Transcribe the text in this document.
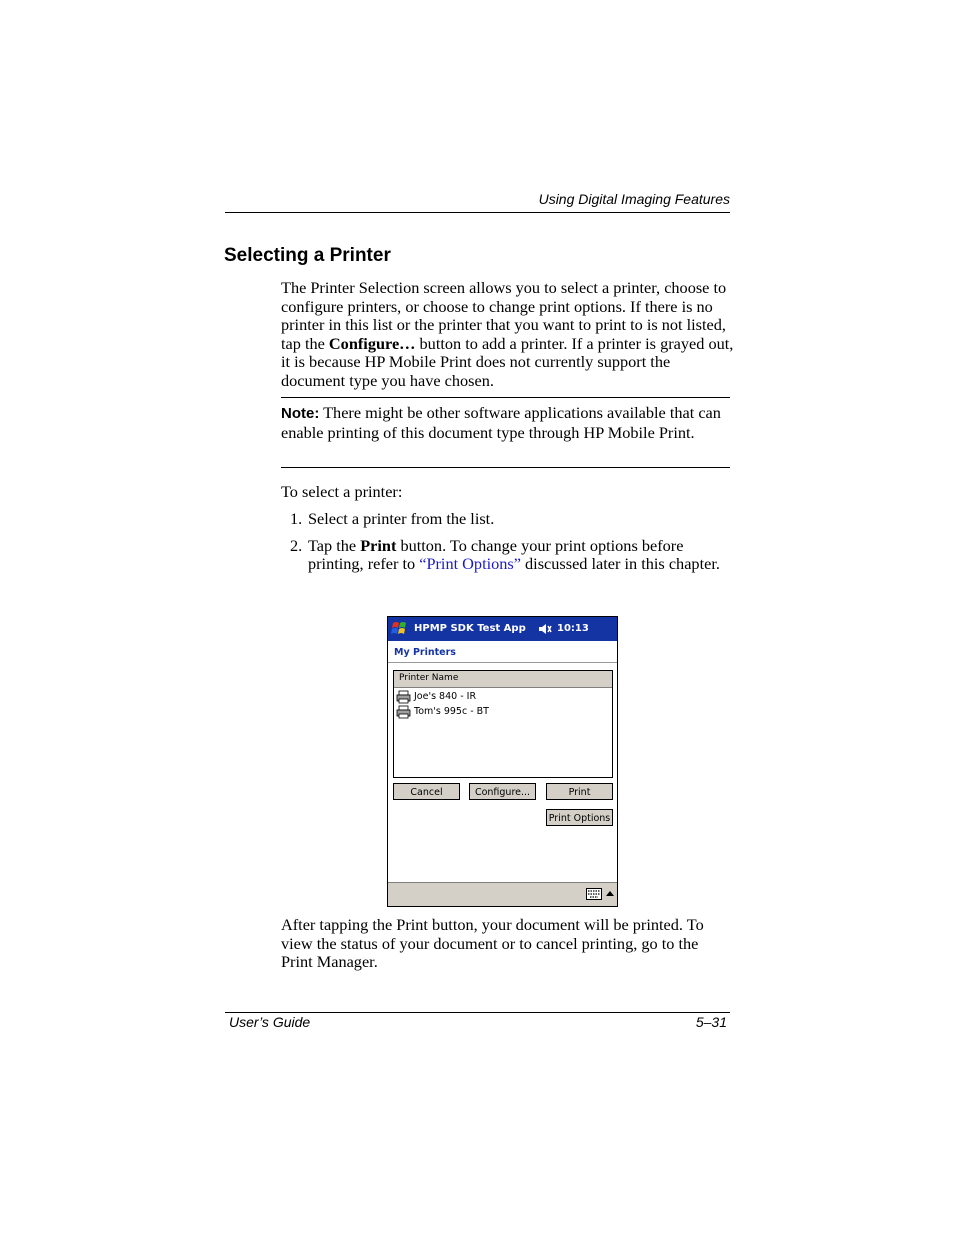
Using Digital Imaging Features
Selecting a Printer
The Printer Selection screen allows you to select a printer, choose to configure printers, or choose to change print options. If there is no printer in this list or the printer that you want to print to is not listed, tap the Configure… button to add a printer. If a printer is grayed out, it is because HP Mobile Print does not currently support the document type you have chosen.
Note: There might be other software applications available that can enable printing of this document type through HP Mobile Print.
To select a printer:
1. Select a printer from the list.
2. Tap the Print button. To change your print options before printing, refer to “Print Options” discussed later in this chapter.
HPMP SDK Test App	10:13
My Printers
Printer Name
Joe's 840 - IR
Tom's 995c - BT
Cancel	Configure...	Print
Print Options
After tapping the Print button, your document will be printed. To view the status of your document or to cancel printing, go to the Print Manager.
User’s Guide	5–31
